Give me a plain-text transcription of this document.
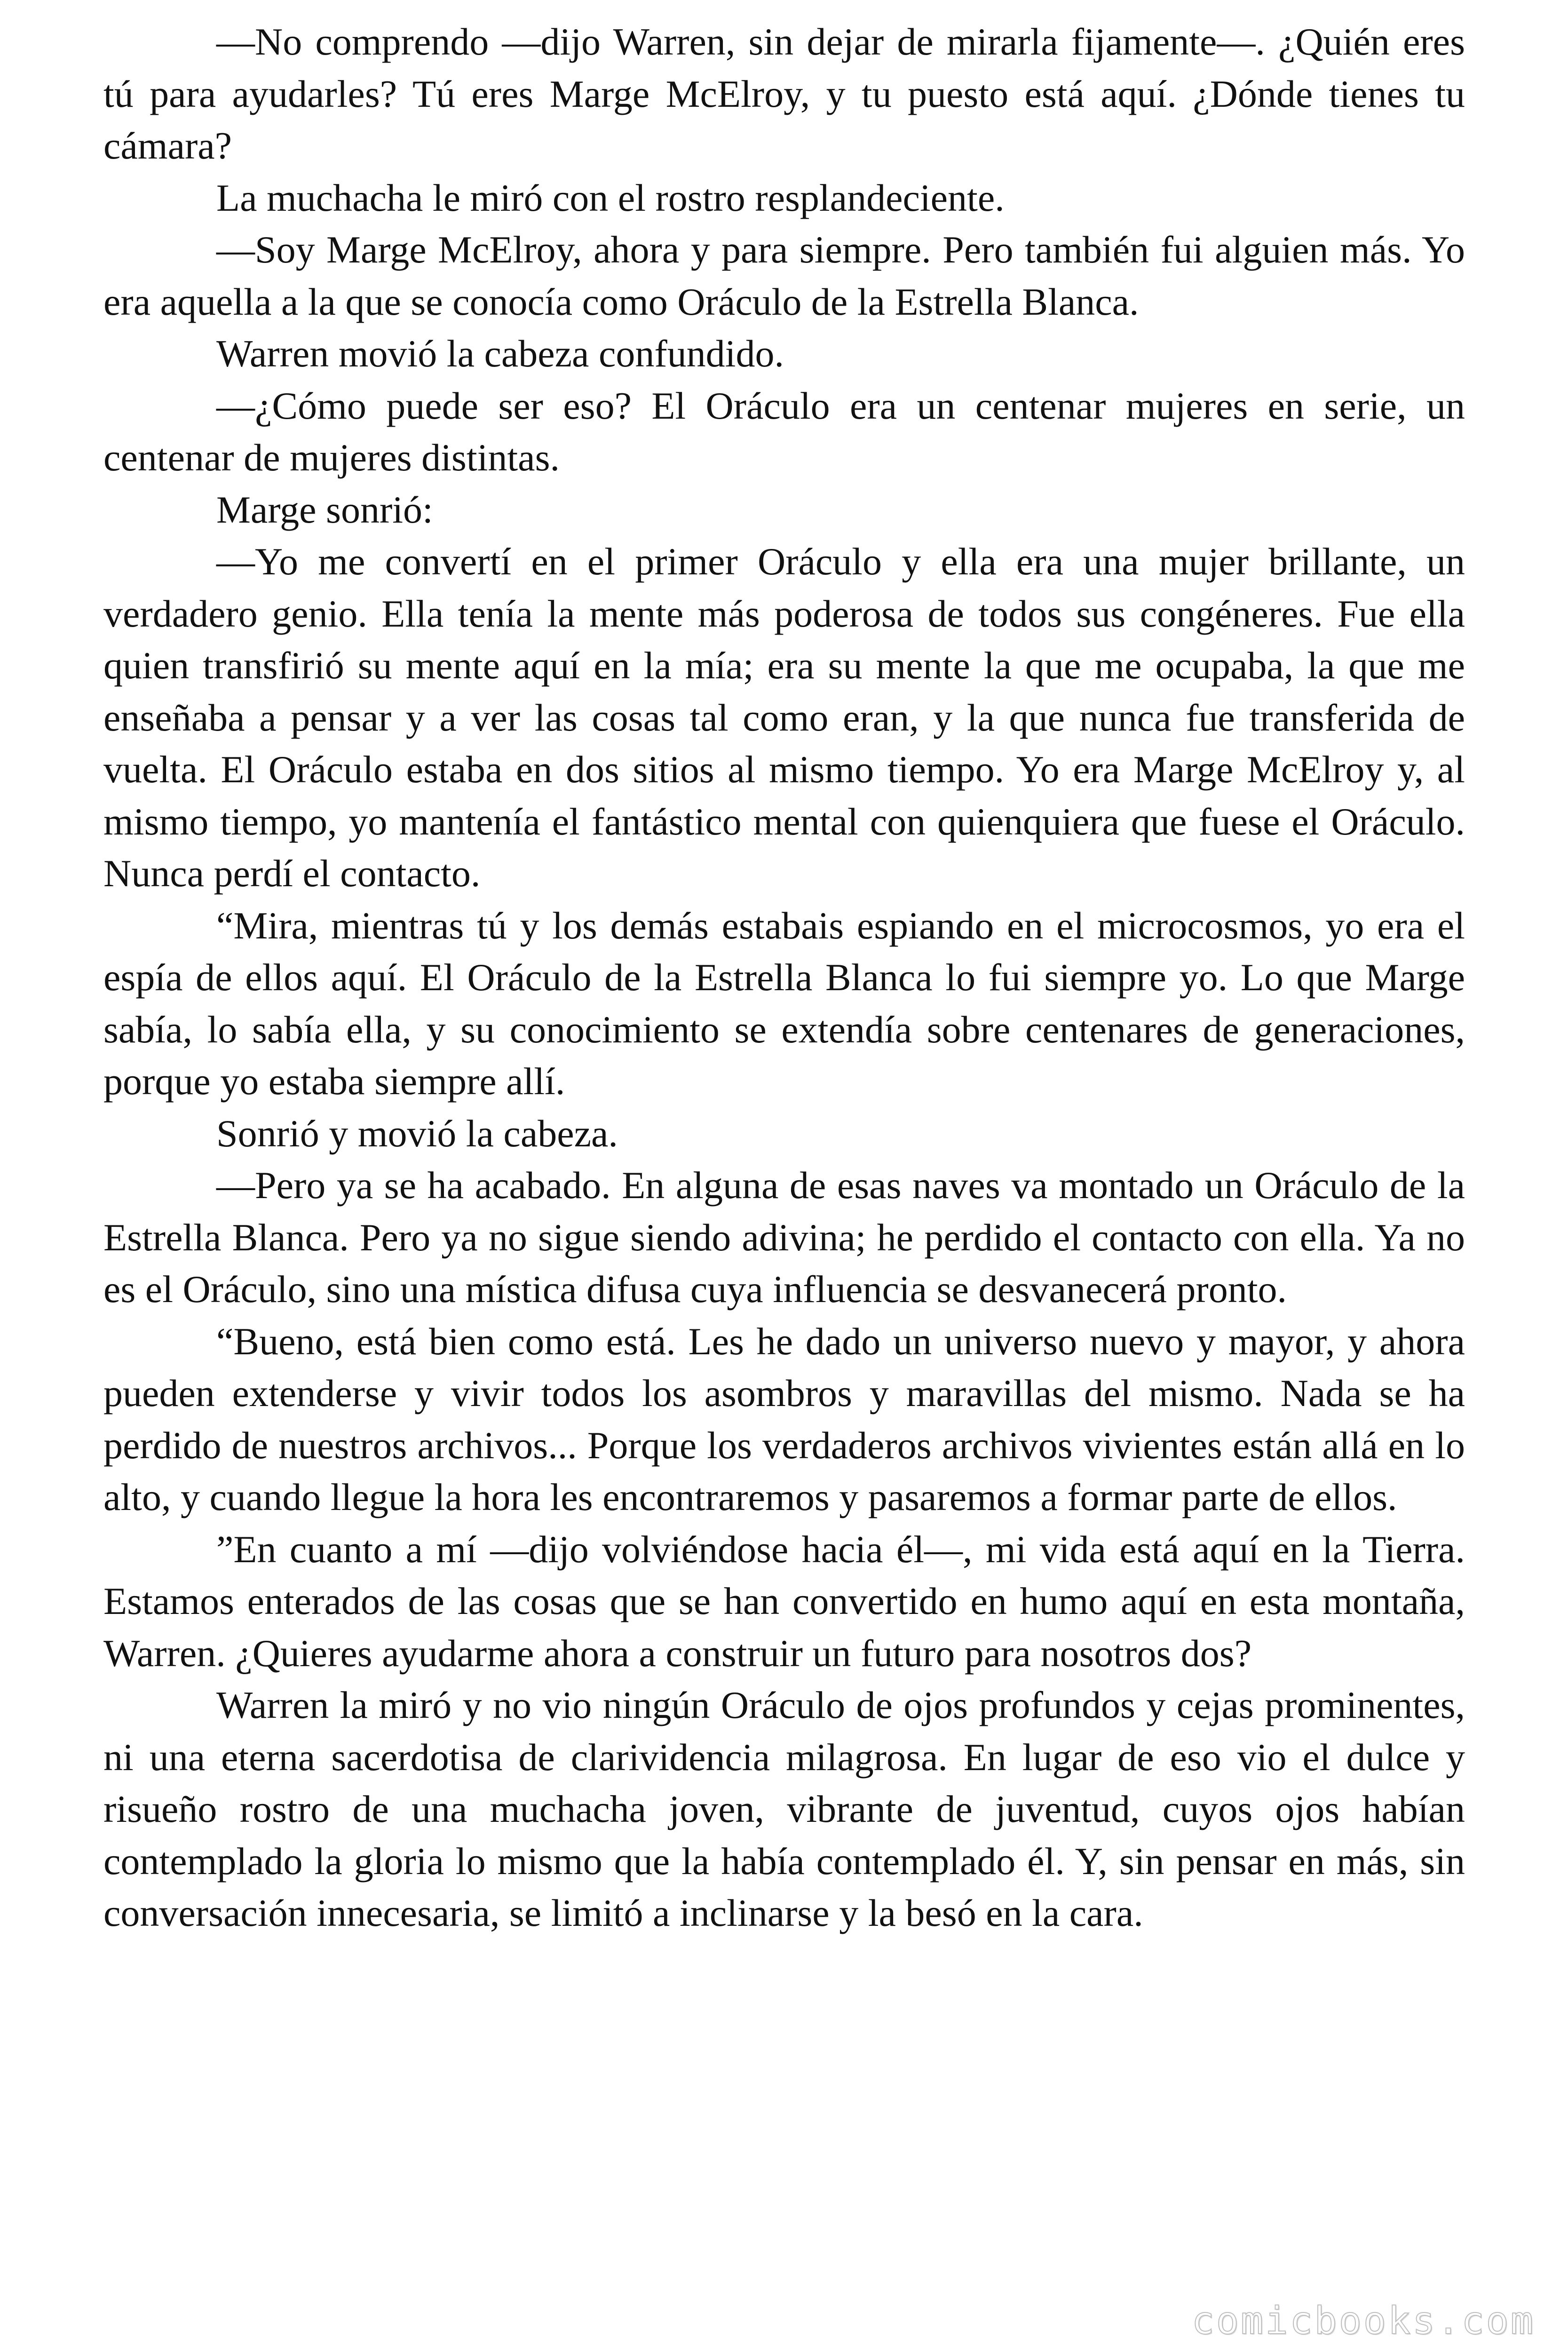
—No comprendo —dijo Warren, sin dejar de mirarla fijamente—. ¿Quién eres tú para ayudarles? Tú eres Marge McElroy, y tu puesto está aquí. ¿Dónde tienes tu cámara?

La muchacha le miró con el rostro resplandeciente.

—Soy Marge McElroy, ahora y para siempre. Pero también fui alguien más. Yo era aquella a la que se conocía como Oráculo de la Estrella Blanca.

Warren movió la cabeza confundido.

—¿Cómo puede ser eso? El Oráculo era un centenar mujeres en serie, un centenar de mujeres distintas.

Marge sonrió:

—Yo me convertí en el primer Oráculo y ella era una mujer brillante, un verdadero genio. Ella tenía la mente más poderosa de todos sus congéneres. Fue ella quien transfirió su mente aquí en la mía; era su mente la que me ocupaba, la que me enseñaba a pensar y a ver las cosas tal como eran, y la que nunca fue transferida de vuelta. El Oráculo estaba en dos sitios al mismo tiempo. Yo era Marge McElroy y, al mismo tiempo, yo mantenía el fantástico mental con quienquiera que fuese el Oráculo. Nunca perdí el contacto.

“Mira, mientras tú y los demás estabais espiando en el microcosmos, yo era el espía de ellos aquí. El Oráculo de la Estrella Blanca lo fui siempre yo. Lo que Marge sabía, lo sabía ella, y su conocimiento se extendía sobre centenares de generaciones, porque yo estaba siempre allí.

Sonrió y movió la cabeza.

—Pero ya se ha acabado. En alguna de esas naves va montado un Oráculo de la Estrella Blanca. Pero ya no sigue siendo adivina; he perdido el contacto con ella. Ya no es el Oráculo, sino una mística difusa cuya influencia se desvanecerá pronto.

“Bueno, está bien como está. Les he dado un universo nuevo y mayor, y ahora pueden extenderse y vivir todos los asombros y maravillas del mismo. Nada se ha perdido de nuestros archivos... Porque los verdaderos archivos vivientes están allá en lo alto, y cuando llegue la hora les encontraremos y pasaremos a formar parte de ellos.

”En cuanto a mí —dijo volviéndose hacia él—, mi vida está aquí en la Tierra. Estamos enterados de las cosas que se han convertido en humo aquí en esta montaña, Warren. ¿Quieres ayudarme ahora a construir un futuro para nosotros dos?

Warren la miró y no vio ningún Oráculo de ojos profundos y cejas prominentes, ni una eterna sacerdotisa de clarividencia milagrosa. En lugar de eso vio el dulce y risueño rostro de una muchacha joven, vibrante de juventud, cuyos ojos habían contemplado la gloria lo mismo que la había contemplado él. Y, sin pensar en más, sin conversación innecesaria, se limitó a inclinarse y la besó en la cara.

comicbooks.com
